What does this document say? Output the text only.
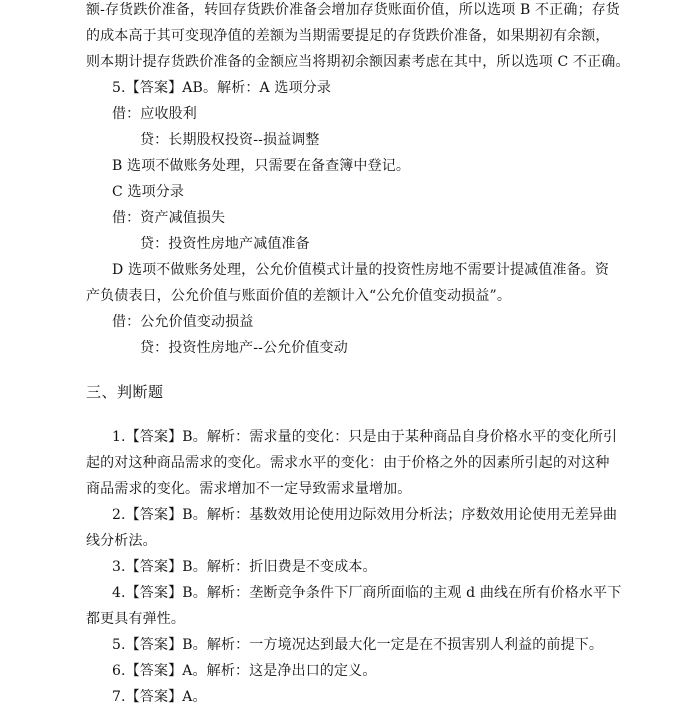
额-存货跌价准备，转回存货跌价准备会增加存货账面价值，所以选项 B 不正确；存货
的成本高于其可变现净值的差额为当期需要提足的存货跌价准备，如果期初有余额，
则本期计提存货跌价准备的金额应当将期初余额因素考虑在其中，所以选项 C 不正确。
5.【答案】AB。解析：A 选项分录
借：应收股利
贷：长期股权投资--损益调整
B 选项不做账务处理，只需要在备查簿中登记。
C 选项分录
借：资产减值损失
贷：投资性房地产减值准备
D 选项不做账务处理，公允价值模式计量的投资性房地不需要计提减值准备。资
产负债表日，公允价值与账面价值的差额计入“公允价值变动损益”。
借：公允价值变动损益
贷：投资性房地产--公允价值变动
三、判断题
1.【答案】B。解析：需求量的变化：只是由于某种商品自身价格水平的变化所引
起的对这种商品需求的变化。需求水平的变化：由于价格之外的因素所引起的对这种
商品需求的变化。需求增加不一定导致需求量增加。
2.【答案】B。解析：基数效用论使用边际效用分析法；序数效用论使用无差异曲
线分析法。
3.【答案】B。解析：折旧费是不变成本。
4.【答案】B。解析：垄断竞争条件下厂商所面临的主观 d 曲线在所有价格水平下
都更具有弹性。
5.【答案】B。解析：一方境况达到最大化一定是在不损害别人利益的前提下。
6.【答案】A。解析：这是净出口的定义。
7.【答案】A。
